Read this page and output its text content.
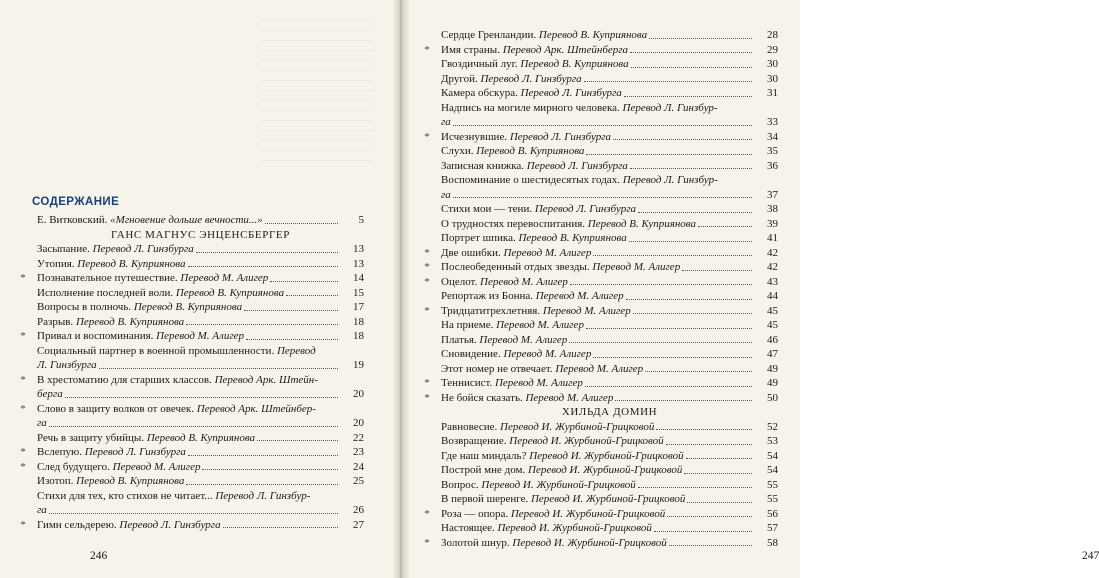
СОДЕРЖАНИЕ
Е. Витковский. «Мгновение дольше вечности...»	5
ГАНС МАГНУС ЭНЦЕНСБЕРГЕР
Засыпание. Перевод Л. Гинзбурга	13
Утопия. Перевод В. Куприянова	13
*	Познавательное путешествие. Перевод М. Алигер	14
Исполнение последней воли. Перевод В. Куприянова	15
Вопросы в полночь. Перевод В. Куприянова	17
Разрыв. Перевод В. Куприянова	18
*	Привал и воспоминания. Перевод М. Алигер	18
Социальный партнер в военной промышленности. Перевод
Л. Гинзбурга	19
*	В хрестоматию для старших классов. Перевод Арк. Штейн-
берга	20
*	Слово в защиту волков от овечек. Перевод Арк. Штейнбер-
га	20
Речь в защиту убийцы. Перевод В. Куприянова	22
*	Вслепую. Перевод Л. Гинзбурга	23
*	След будущего. Перевод М. Алигер	24
Изотоп. Перевод В. Куприянова	25
Стихи для тех, кто стихов не читает... Перевод Л. Гинзбур-
га	26
*	Гимн сельдерею. Перевод Л. Гинзбурга	27
246	247
Сердце Гренландии. Перевод В. Куприянова	28
*	Имя страны. Перевод Арк. Штейнберга	29
Гвоздичный луг. Перевод В. Куприянова	30
Другой. Перевод Л. Гинзбурга	30
Камера обскура. Перевод Л. Гинзбурга	31
Надпись на могиле мирного человека. Перевод Л. Гинзбур-
га	33
*	Исчезнувшие. Перевод Л. Гинзбурга	34
Слухи. Перевод В. Куприянова	35
Записная книжка. Перевод Л. Гинзбурга	36
Воспоминание о шестидесятых годах. Перевод Л. Гинзбур-
га	37
Стихи мои — тени. Перевод Л. Гинзбурга	38
О трудностях перевоспитания. Перевод В. Куприянова	39
Портрет шпика. Перевод В. Куприянова	41
*	Две ошибки. Перевод М. Алигер	42
*	Послеобеденный отдых звезды. Перевод М. Алигер	42
*	Оцелот. Перевод М. Алигер	43
Репортаж из Бонна. Перевод М. Алигер	44
*	Тридцатитрехлетняя. Перевод М. Алигер	45
На приеме. Перевод М. Алигер	45
Платья. Перевод М. Алигер	46
Сновидение. Перевод М. Алигер	47
Этот номер не отвечает. Перевод М. Алигер	49
*	Теннисист. Перевод М. Алигер	49
*	Не бойся сказать. Перевод М. Алигер	50
ХИЛЬДА ДОМИН
Равновесие. Перевод И. Журбиной-Грицковой	52
Возвращение. Перевод И. Журбиной-Грицковой	53
Где наш миндаль? Перевод И. Журбиной-Грицковой	54
Построй мне дом. Перевод И. Журбиной-Грицковой	54
Вопрос. Перевод И. Журбиной-Грицковой	55
В первой шеренге. Перевод И. Журбиной-Грицковой	55
*	Роза — опора. Перевод И. Журбиной-Грицковой	56
Настоящее. Перевод И. Журбиной-Грицковой	57
*	Золотой шнур. Перевод И. Журбиной-Грицковой	58
